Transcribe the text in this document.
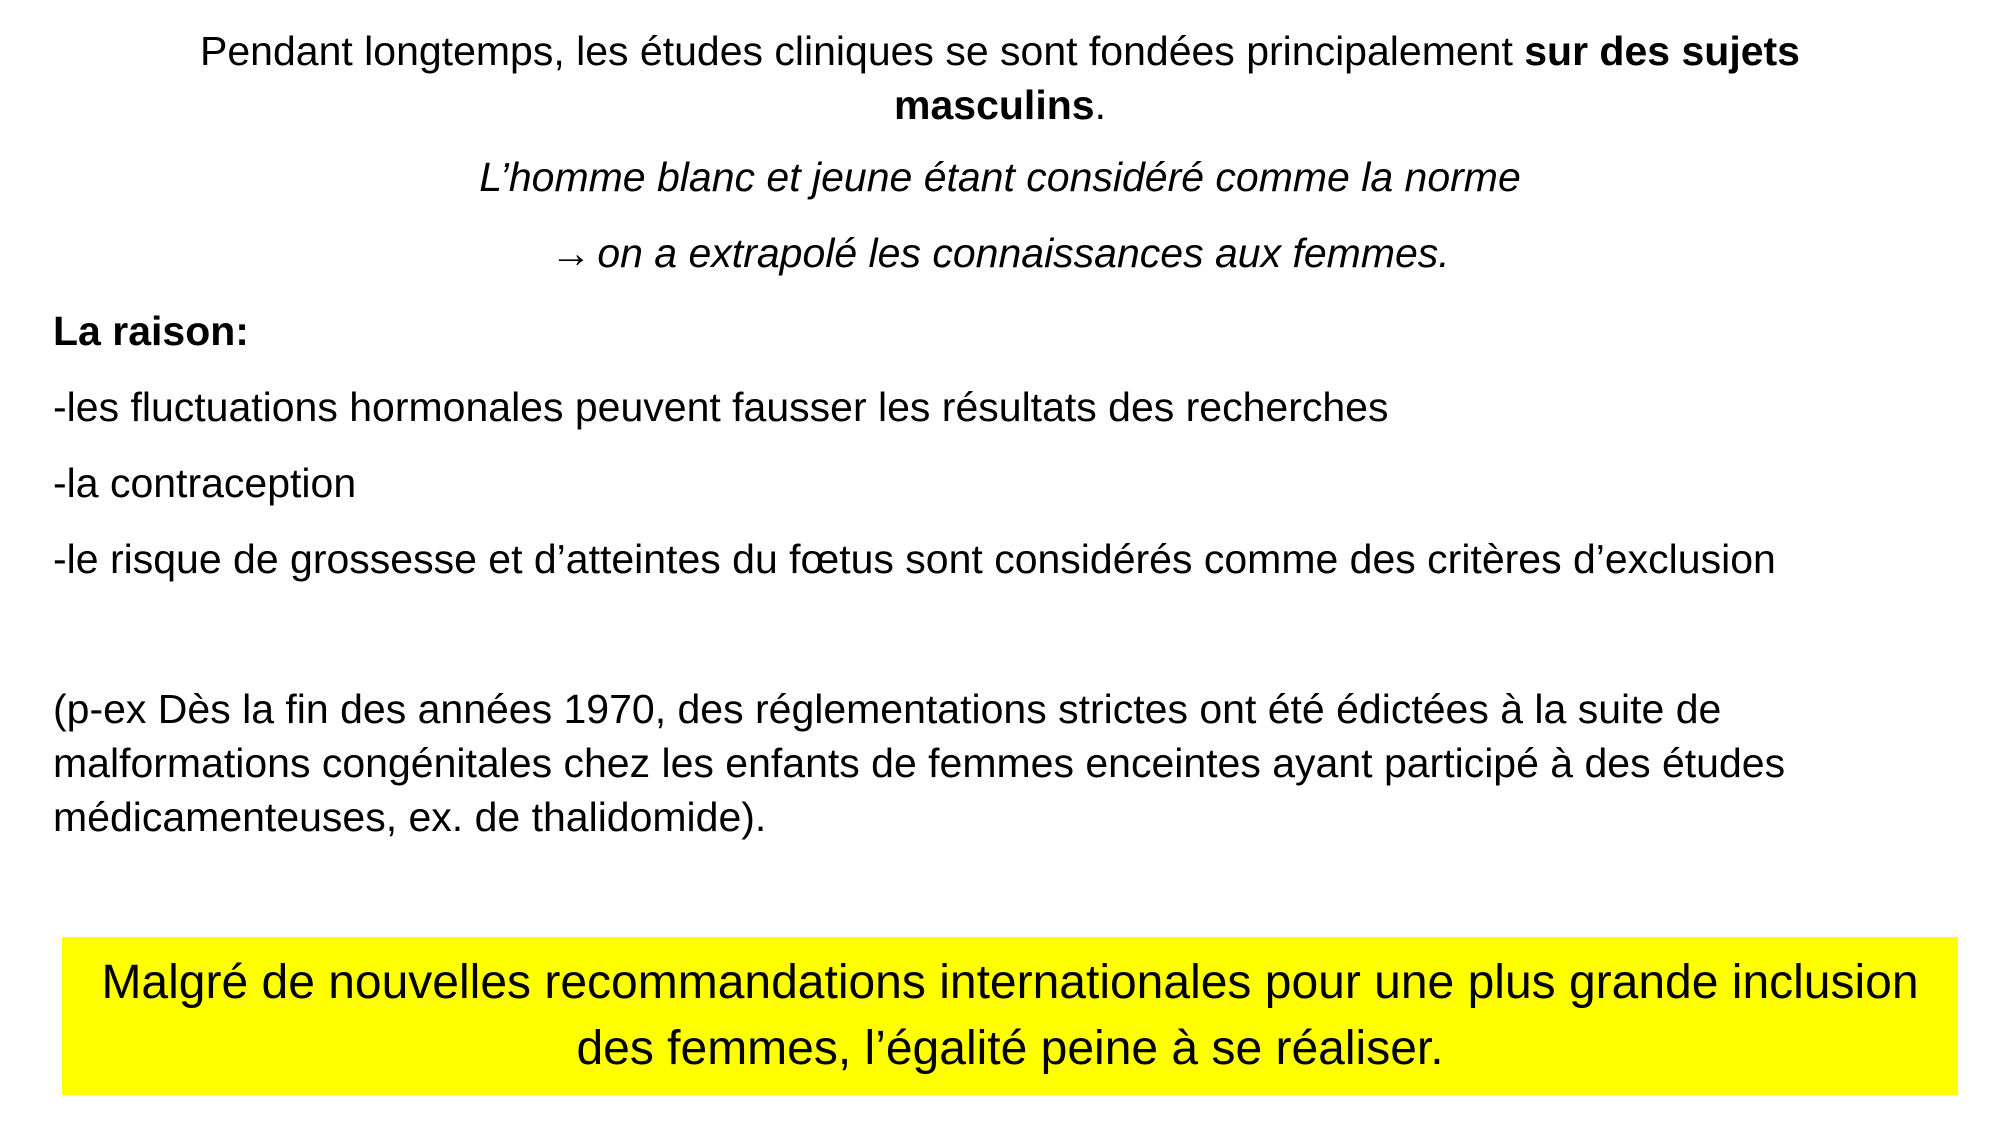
Pendant longtemps, les études cliniques se sont fondées principalement sur des sujets masculins.
L’homme blanc et jeune étant considéré comme la norme
→ on a extrapolé les connaissances aux femmes.
La raison:
-les fluctuations hormonales peuvent fausser les résultats des recherches
-la contraception
-le risque de grossesse et d’atteintes du fœtus sont considérés comme des critères d’exclusion

(p-ex Dès la fin des années 1970, des réglementations strictes ont été édictées à la suite de malformations congénitales chez les enfants de femmes enceintes ayant participé à des études médicamenteuses, ex. de thalidomide).

Malgré de nouvelles recommandations internationales pour une plus grande inclusion des femmes, l’égalité peine à se réaliser.
